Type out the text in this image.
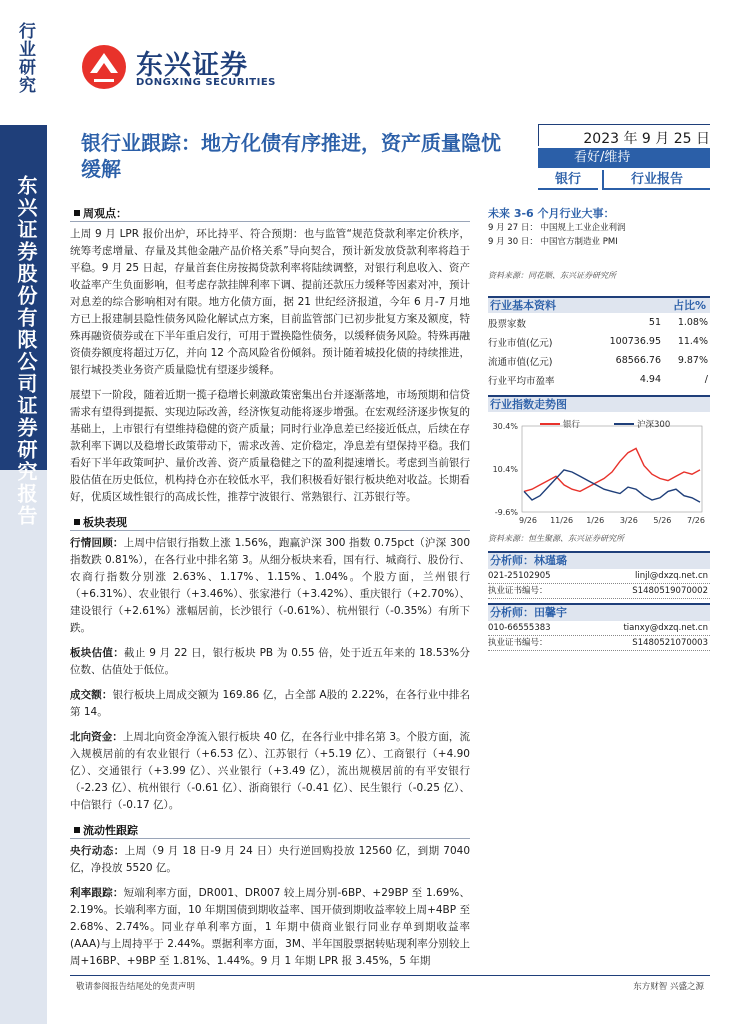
行业研究
东兴证券股份有限公司证券研究报告
东兴证券
DONGXING SECURITIES
银行业跟踪：地方化债有序推进，资产质量隐忧缓解
2023 年 9 月 25 日
看好/维持
银行	行业报告
周观点：

上周 9 月 LPR 报价出炉，环比持平、符合预期：也与监管“规范贷款利率定价秩序，统筹考虑增量、存量及其他金融产品价格关系”导向契合，预计新发放贷款利率将趋于平稳。9 月 25 日起，存量首套住房按揭贷款利率将陆续调整，对银行利息收入、资产收益率产生负面影响，但考虑存款挂牌利率下调、提前还款压力缓释等因素对冲，预计对息差的综合影响相对有限。地方化债方面，据 21 世纪经济报道，今年 6 月-7 月地方已上报建制县隐性债务风险化解试点方案，目前监管部门已初步批复方案及额度，特殊再融资债券或在下半年重启发行，可用于置换隐性债务，以缓释债务风险。特殊再融资债券额度将超过万亿，并向 12 个高风险省份倾斜。预计随着城投化债的持续推进，银行城投类业务资产质量隐忧有望逐步缓释。

展望下一阶段，随着近期一揽子稳增长刺激政策密集出台并逐渐落地，市场预期和信贷需求有望得到提振、实现边际改善，经济恢复动能将逐步增强。在宏观经济逐步恢复的基础上，上市银行有望维持稳健的资产质量；同时行业净息差已经接近低点，后续在存款利率下调以及稳增长政策带动下，需求改善、定价稳定，净息差有望保持平稳。我们看好下半年政策呵护、量价改善、资产质量稳健之下的盈利提速增长。考虑到当前银行股估值在历史低位，机构持仓亦在较低水平，我们积极看好银行板块绝对收益。长期看好，优质区域性银行的高成长性，推荐宁波银行、常熟银行、江苏银行等。

板块表现

行情回顾：上周中信银行指数上涨 1.56%，跑赢沪深 300 指数 0.75pct（沪深 300 指数跌 0.81%），在各行业中排名第 3。从细分板块来看，国有行、城商行、股份行、农商行指数分别涨 2.63%、1.17%、1.15%、1.04%。个股方面，兰州银行（+6.31%）、农业银行（+3.46%）、张家港行（+3.42%）、重庆银行（+2.70%）、建设银行（+2.61%）涨幅居前，长沙银行（-0.61%）、杭州银行（-0.35%）有所下跌。

板块估值：截止 9 月 22 日，银行板块 PB 为 0.55 倍，处于近五年来的 18.53%分位数、估值处于低位。

成交额：银行板块上周成交额为 169.86 亿，占全部 A股的 2.22%，在各行业中排名第 14。

北向资金：上周北向资金净流入银行板块 40 亿，在各行业中排名第 3。个股方面，流入规模居前的有农业银行（+6.53 亿）、江苏银行（+5.19 亿）、工商银行（+4.90 亿）、交通银行（+3.99 亿）、兴业银行（+3.49 亿），流出规模居前的有平安银行（-2.23 亿）、杭州银行（-0.61 亿）、浙商银行（-0.41 亿）、民生银行（-0.25 亿）、中信银行（-0.17 亿）。

流动性跟踪

央行动态：上周（9 月 18 日-9 月 24 日）央行逆回购投放 12560 亿，到期 7040 亿，净投放 5520 亿。

利率跟踪：短端利率方面，DR001、DR007 较上周分别-6BP、+29BP 至 1.69%、2.19%。长端利率方面，10 年期国债到期收益率、国开债到期收益率较上周+4BP 至 2.68%、2.74%。同业存单利率方面，1 年期中债商业银行同业存单到期收益率(AAA)与上周持平于 2.44%。票据利率方面，3M、半年国股票据转贴现利率分别较上周+16BP、+9BP 至 1.81%、1.44%。9 月 1 年期 LPR 报 3.45%，5 年期

未来 3-6 个月行业大事：
9 月 27 日： 中国规上工业企业利润
9 月 30 日： 中国官方制造业 PMI
资料来源：同花顺、东兴证券研究所
行业基本资料	占比%
股票家数	51	1.08%
行业市值(亿元)	100736.95	11.4%
流通市值(亿元)	68566.76	9.87%
行业平均市盈率	4.94	/
行业指数走势图
30.4%
10.4%
-9.6%
9/26 11/26 1/26 3/26 5/26 7/26
银行	沪深300
资料来源：恒生聚源、东兴证券研究所
分析师：林瑾璐
021-25102905	linjl@dxzq.net.cn
执业证书编号：	S1480519070002
分析师：田馨宇
010-66555383	tianxy@dxzq.net.cn
执业证书编号：	S1480521070003
敬请参阅报告结尾处的免责声明	东方财智 兴盛之源
